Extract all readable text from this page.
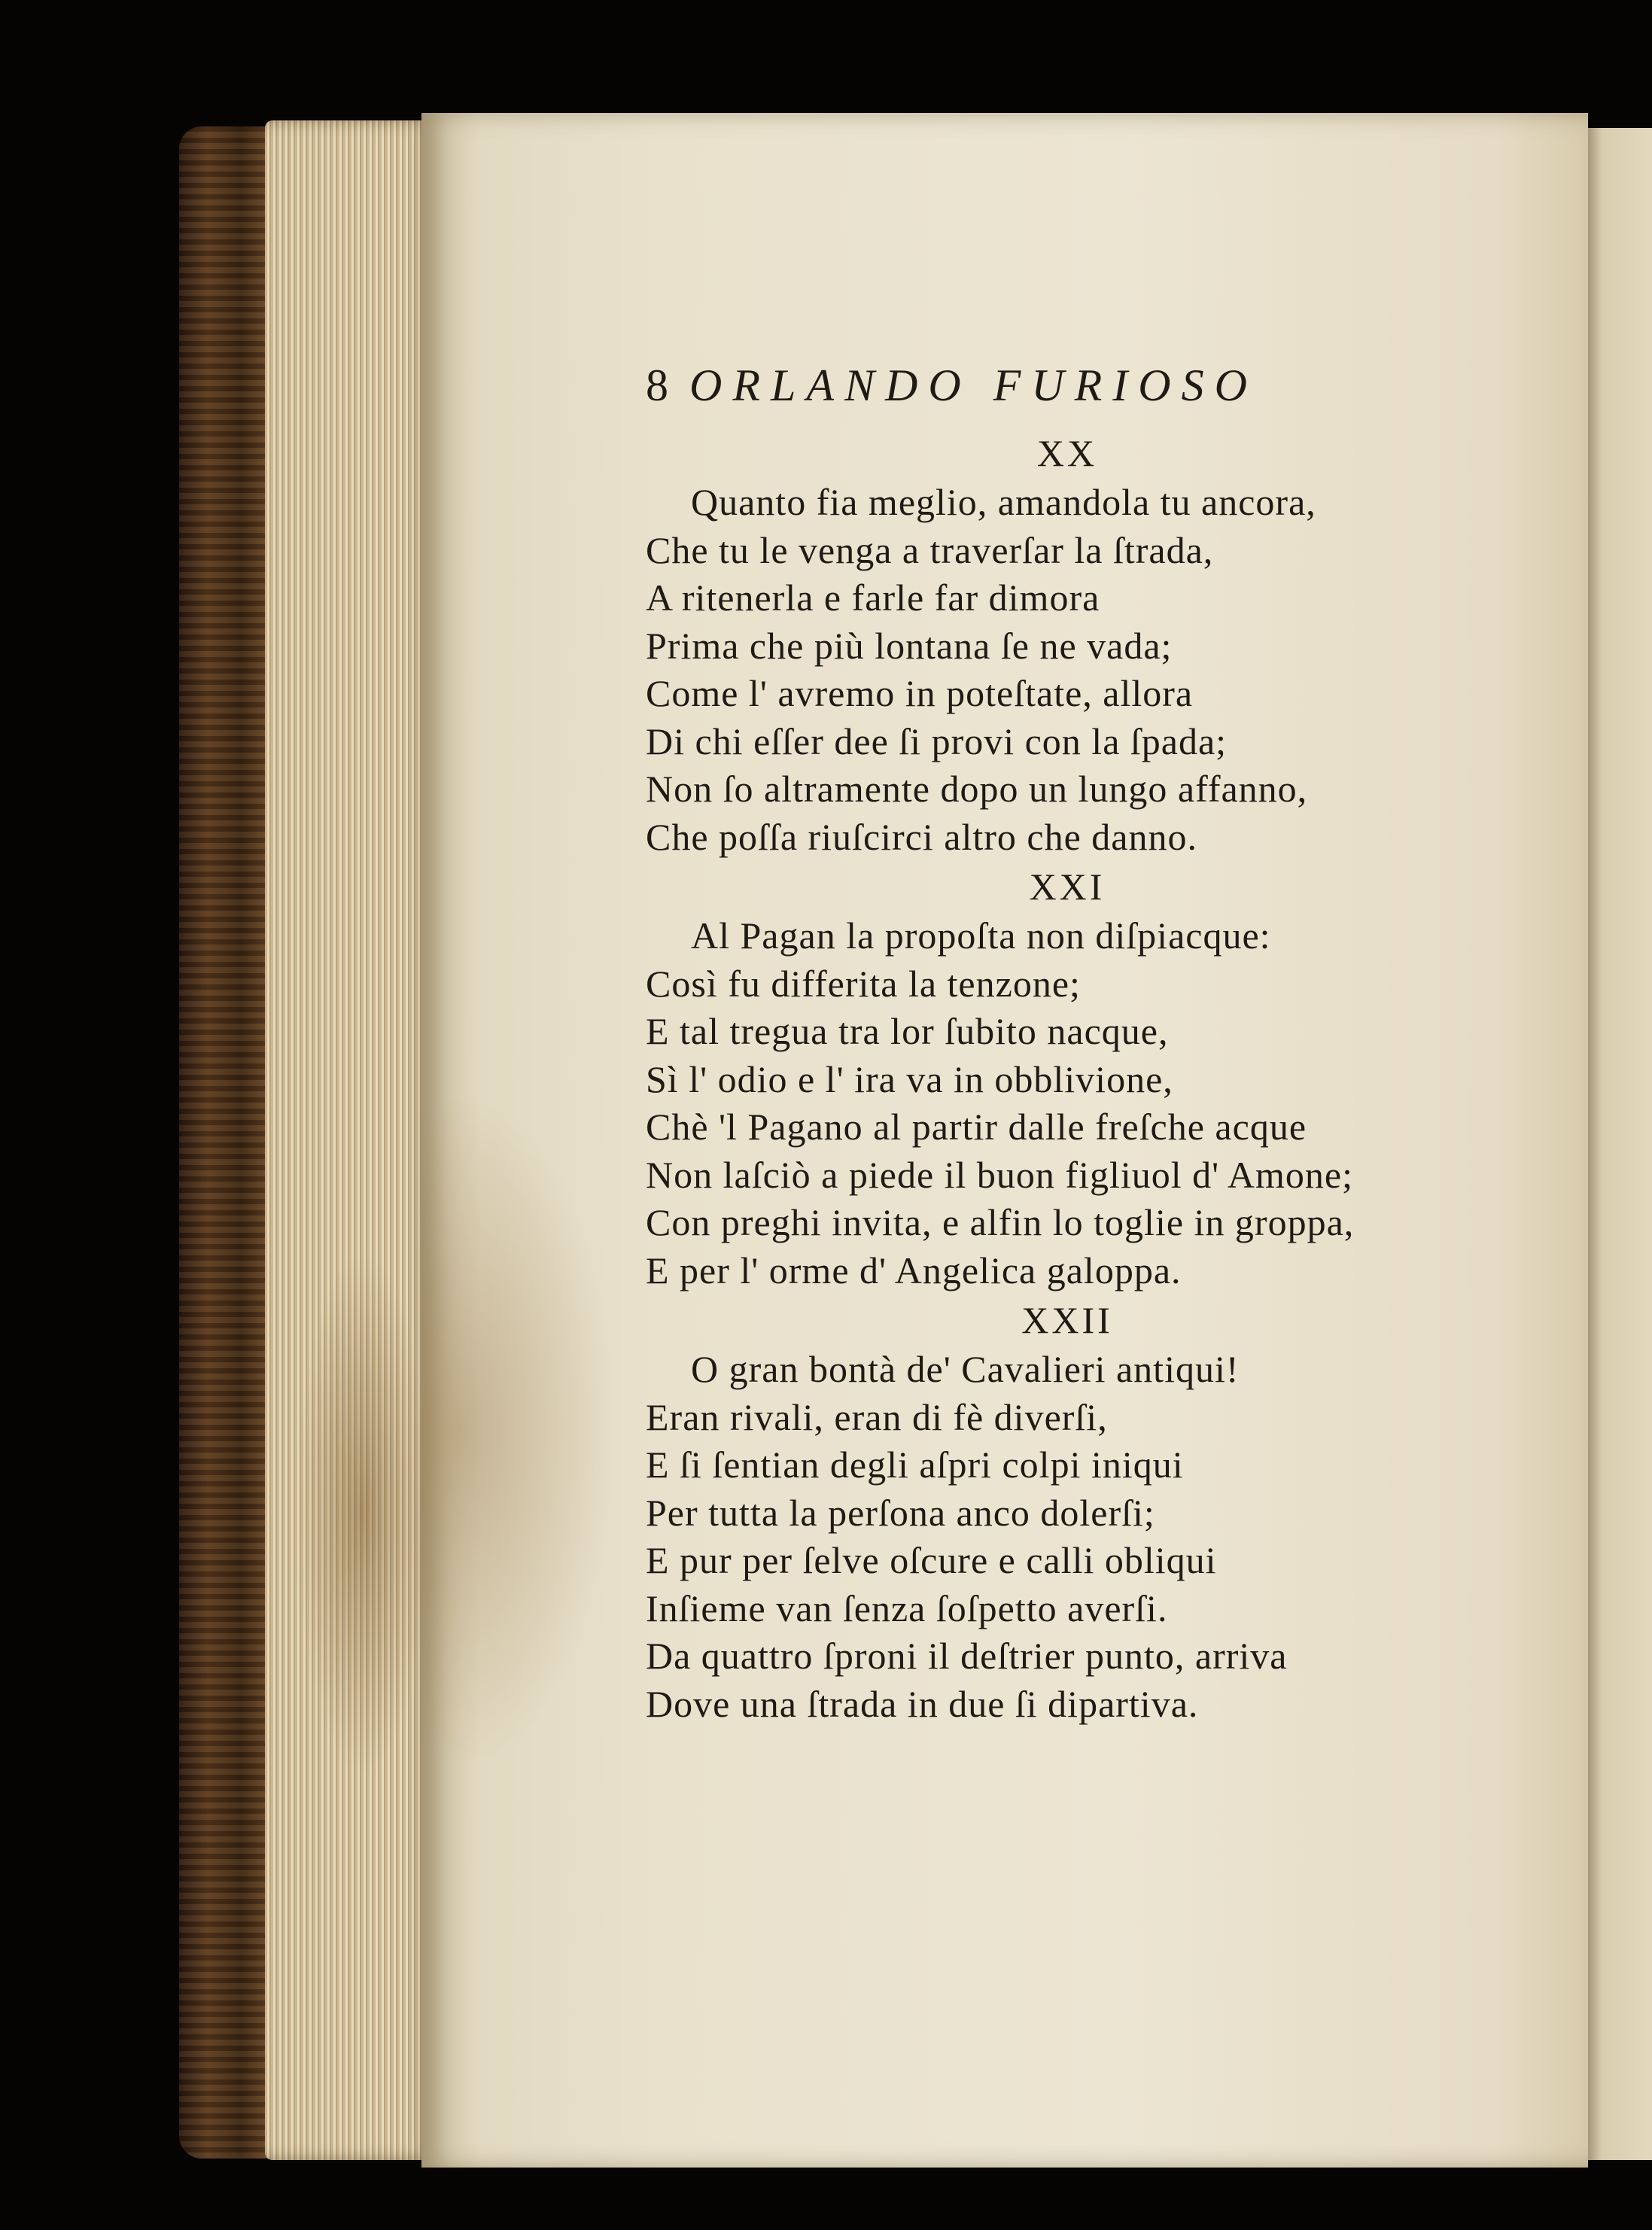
8 ORLANDO FURIOSO
XX
Quanto fia meglio, amandola tu ancora,
Che tu le venga a traverſar la ſtrada,
A ritenerla e farle far dimora
Prima che più lontana ſe ne vada;
Come l' avremo in poteſtate, allora
Di chi eſſer dee ſi provi con la ſpada;
Non ſo altramente dopo un lungo affanno,
Che poſſa riuſcirci altro che danno.
XXI
Al Pagan la propoſta non diſpiacque:
Così fu differita la tenzone;
E tal tregua tra lor ſubito nacque,
Sì l' odio e l' ira va in obblivione,
Chè 'l Pagano al partir dalle freſche acque
Non laſciò a piede il buon figliuol d' Amone;
Con preghi invita, e alfin lo toglie in groppa,
E per l' orme d' Angelica galoppa.
XXII
O gran bontà de' Cavalieri antiqui!
Eran rivali, eran di fè diverſi,
E ſi ſentian degli aſpri colpi iniqui
Per tutta la perſona anco dolerſi;
E pur per ſelve oſcure e calli obliqui
Inſieme van ſenza ſoſpetto averſi.
Da quattro ſproni il deſtrier punto, arriva
Dove una ſtrada in due ſi dipartiva.
